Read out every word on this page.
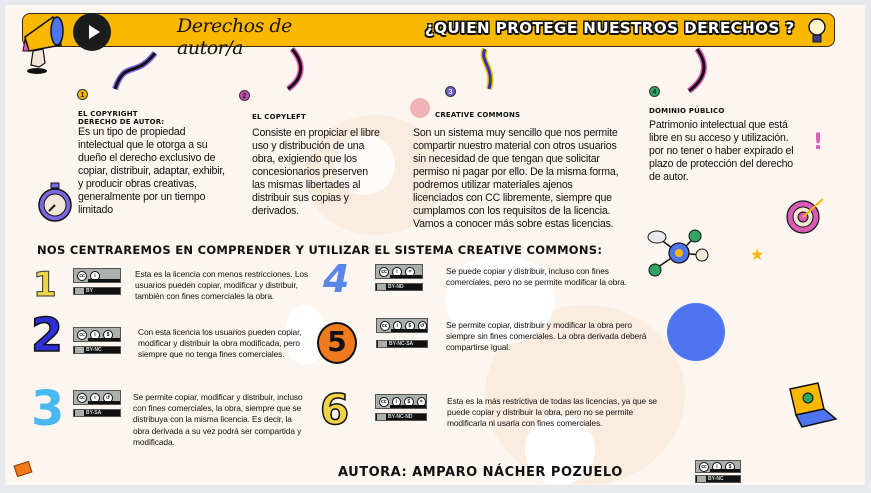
Derechos de autor/a
¿QUIEN PROTEGE NUESTROS DERECHOS ?
1
EL COPYRIGHT
DERECHO DE AUTOR:
Es un tipo de propiedad intelectual que le otorga a su dueño el derecho exclusivo de copiar, distribuir, adaptar, exhibir, y producir obras creativas, generalmente por un tiempo limitado
2
EL COPYLEFT
Consiste en propiciar el libre uso y distribución de una obra, exigiendo que los concesionarios preserven las mismas libertades al distribuir sus copias y derivados.
3
CREATIVE COMMONS
Son un sistema muy sencillo que nos permite compartir nuestro material con otros usuarios sin necesidad de que tengan que solicitar permiso ni pagar por ello. De la misma forma, podremos utilizar materiales ajenos licenciados con CC libremente, siempre que cumplamos con los requisitos de la licencia. Vamos a conocer más sobre estas licencias.
4
DOMINIO PÚBLICO
Patrimonio intelectual que está libre en su acceso y utilización. por no tener o haber expirado el plazo de protección del derecho de autor.
!
★
NOS CENTRAREMOS EN COMPRENDER Y UTILIZAR EL SISTEMA CREATIVE COMMONS:
1	cc	i
BY
Esta es la licencia con menos restricciones. Los usuarios pueden copiar, modificar y distribuir, también con fines comerciales la obra.
2	cc	i	$
BY-NC
Con esta licencia los usuarios pueden copiar, modificar y distribuir la obra modificada, pero siempre que no tenga fines comerciales.
3	cc	i	↺
BY-SA
Se permite copiar, modificar y distribuir, incluso con fines comerciales, la obra, siempre que se distribuya con la misma licencia. Es decir, la obra derivada a su vez podrá ser compartida y modificada.
4	cc	i	=
BY-ND
Se puede copiar y distribuir, incluso con fines comerciales, pero no se permite modificar la obra.
5	cc	i	$	↺
BY-NC-SA
Se permite copiar, distribuir y modificar la obra pero siempre sin fines comerciales. La obra derivada deberá compartirse igual.
6	cc	i	$	=
BY-NC-ND
Esta es la más restrictiva de todas las licencias, ya que se puede copiar y distribuir la obra, pero no se permite modificarla ni usarla con fines comerciales.
AUTORA: AMPARO NÁCHER POZUELO	cc	i	$
BY-NC
